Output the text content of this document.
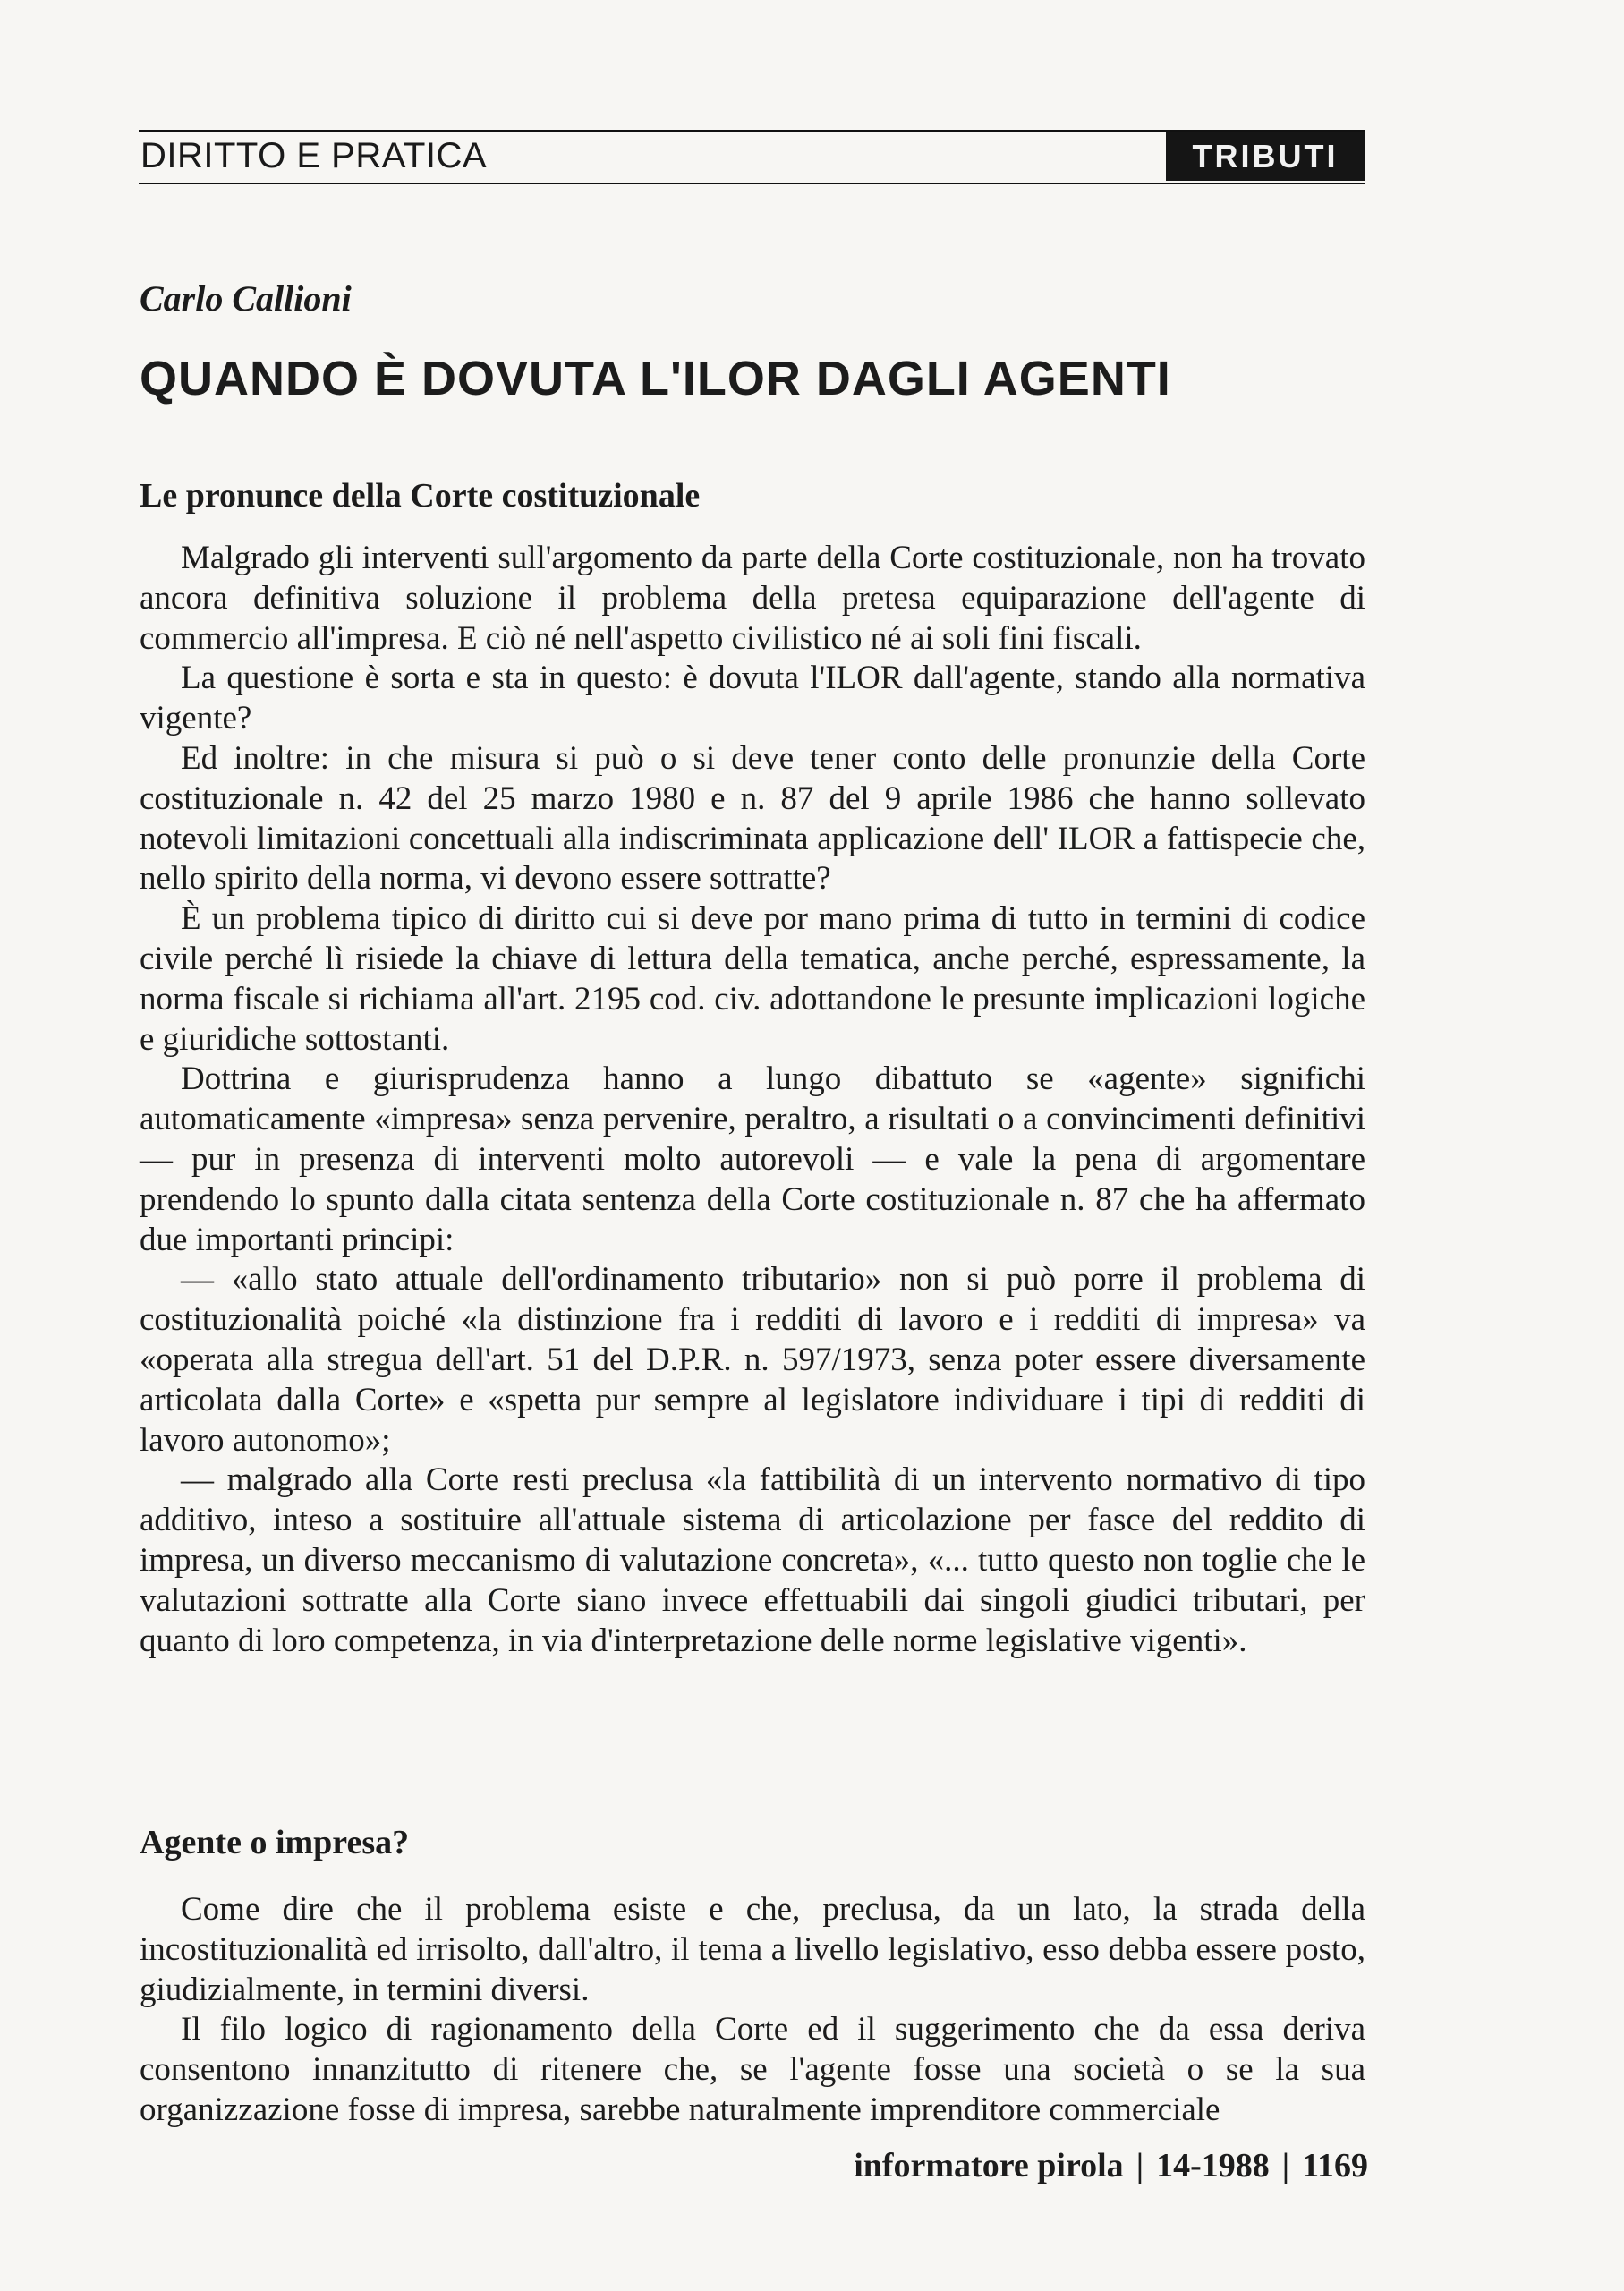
DIRITTO E PRATICA	TRIBUTI
Carlo Callioni
QUANDO È DOVUTA L'ILOR DAGLI AGENTI
Le pronunce della Corte costituzionale

Malgrado gli interventi sull'argomento da parte della Corte costituzionale, non ha trovato ancora definitiva soluzione il problema della pretesa equiparazione dell'agente di commercio all'impresa. E ciò né nell'aspetto civilistico né ai soli fini fiscali.

La questione è sorta e sta in questo: è dovuta l'ILOR dall'agente, stando alla normativa vigente?

Ed inoltre: in che misura si può o si deve tener conto delle pronunzie della Corte costituzionale n. 42 del 25 marzo 1980 e n. 87 del 9 aprile 1986 che hanno sollevato notevoli limitazioni concettuali alla indiscriminata applicazione dell' ILOR a fattispecie che, nello spirito della norma, vi devono essere sottratte?

È un problema tipico di diritto cui si deve por mano prima di tutto in termini di codice civile perché lì risiede la chiave di lettura della tematica, anche perché, espressamente, la norma fiscale si richiama all'art. 2195 cod. civ. adottandone le presunte implicazioni logiche e giuridiche sottostanti.

Dottrina e giurisprudenza hanno a lungo dibattuto se «agente» significhi automaticamente «impresa» senza pervenire, peraltro, a risultati o a convincimenti definitivi — pur in presenza di interventi molto autorevoli — e vale la pena di argomentare prendendo lo spunto dalla citata sentenza della Corte costituzionale n. 87 che ha affermato due importanti principi:

— «allo stato attuale dell'ordinamento tributario» non si può porre il problema di costituzionalità poiché «la distinzione fra i redditi di lavoro e i redditi di impresa» va «operata alla stregua dell'art. 51 del D.P.R. n. 597/1973, senza poter essere diversamente articolata dalla Corte» e «spetta pur sempre al legislatore individuare i tipi di redditi di lavoro autonomo»;

— malgrado alla Corte resti preclusa «la fattibilità di un intervento normativo di tipo additivo, inteso a sostituire all'attuale sistema di articolazione per fasce del reddito di impresa, un diverso meccanismo di valutazione concreta», «... tutto questo non toglie che le valutazioni sottratte alla Corte siano invece effettuabili dai singoli giudici tributari, per quanto di loro competenza, in via d'interpretazione delle norme legislative vigenti».

Agente o impresa?

Come dire che il problema esiste e che, preclusa, da un lato, la strada della incostituzionalità ed irrisolto, dall'altro, il tema a livello legislativo, esso debba essere posto, giudizialmente, in termini diversi.

Il filo logico di ragionamento della Corte ed il suggerimento che da essa deriva consentono innanzitutto di ritenere che, se l'agente fosse una società o se la sua organizzazione fosse di impresa, sarebbe naturalmente imprenditore commerciale

informatore pirola | 14-1988 | 1169
